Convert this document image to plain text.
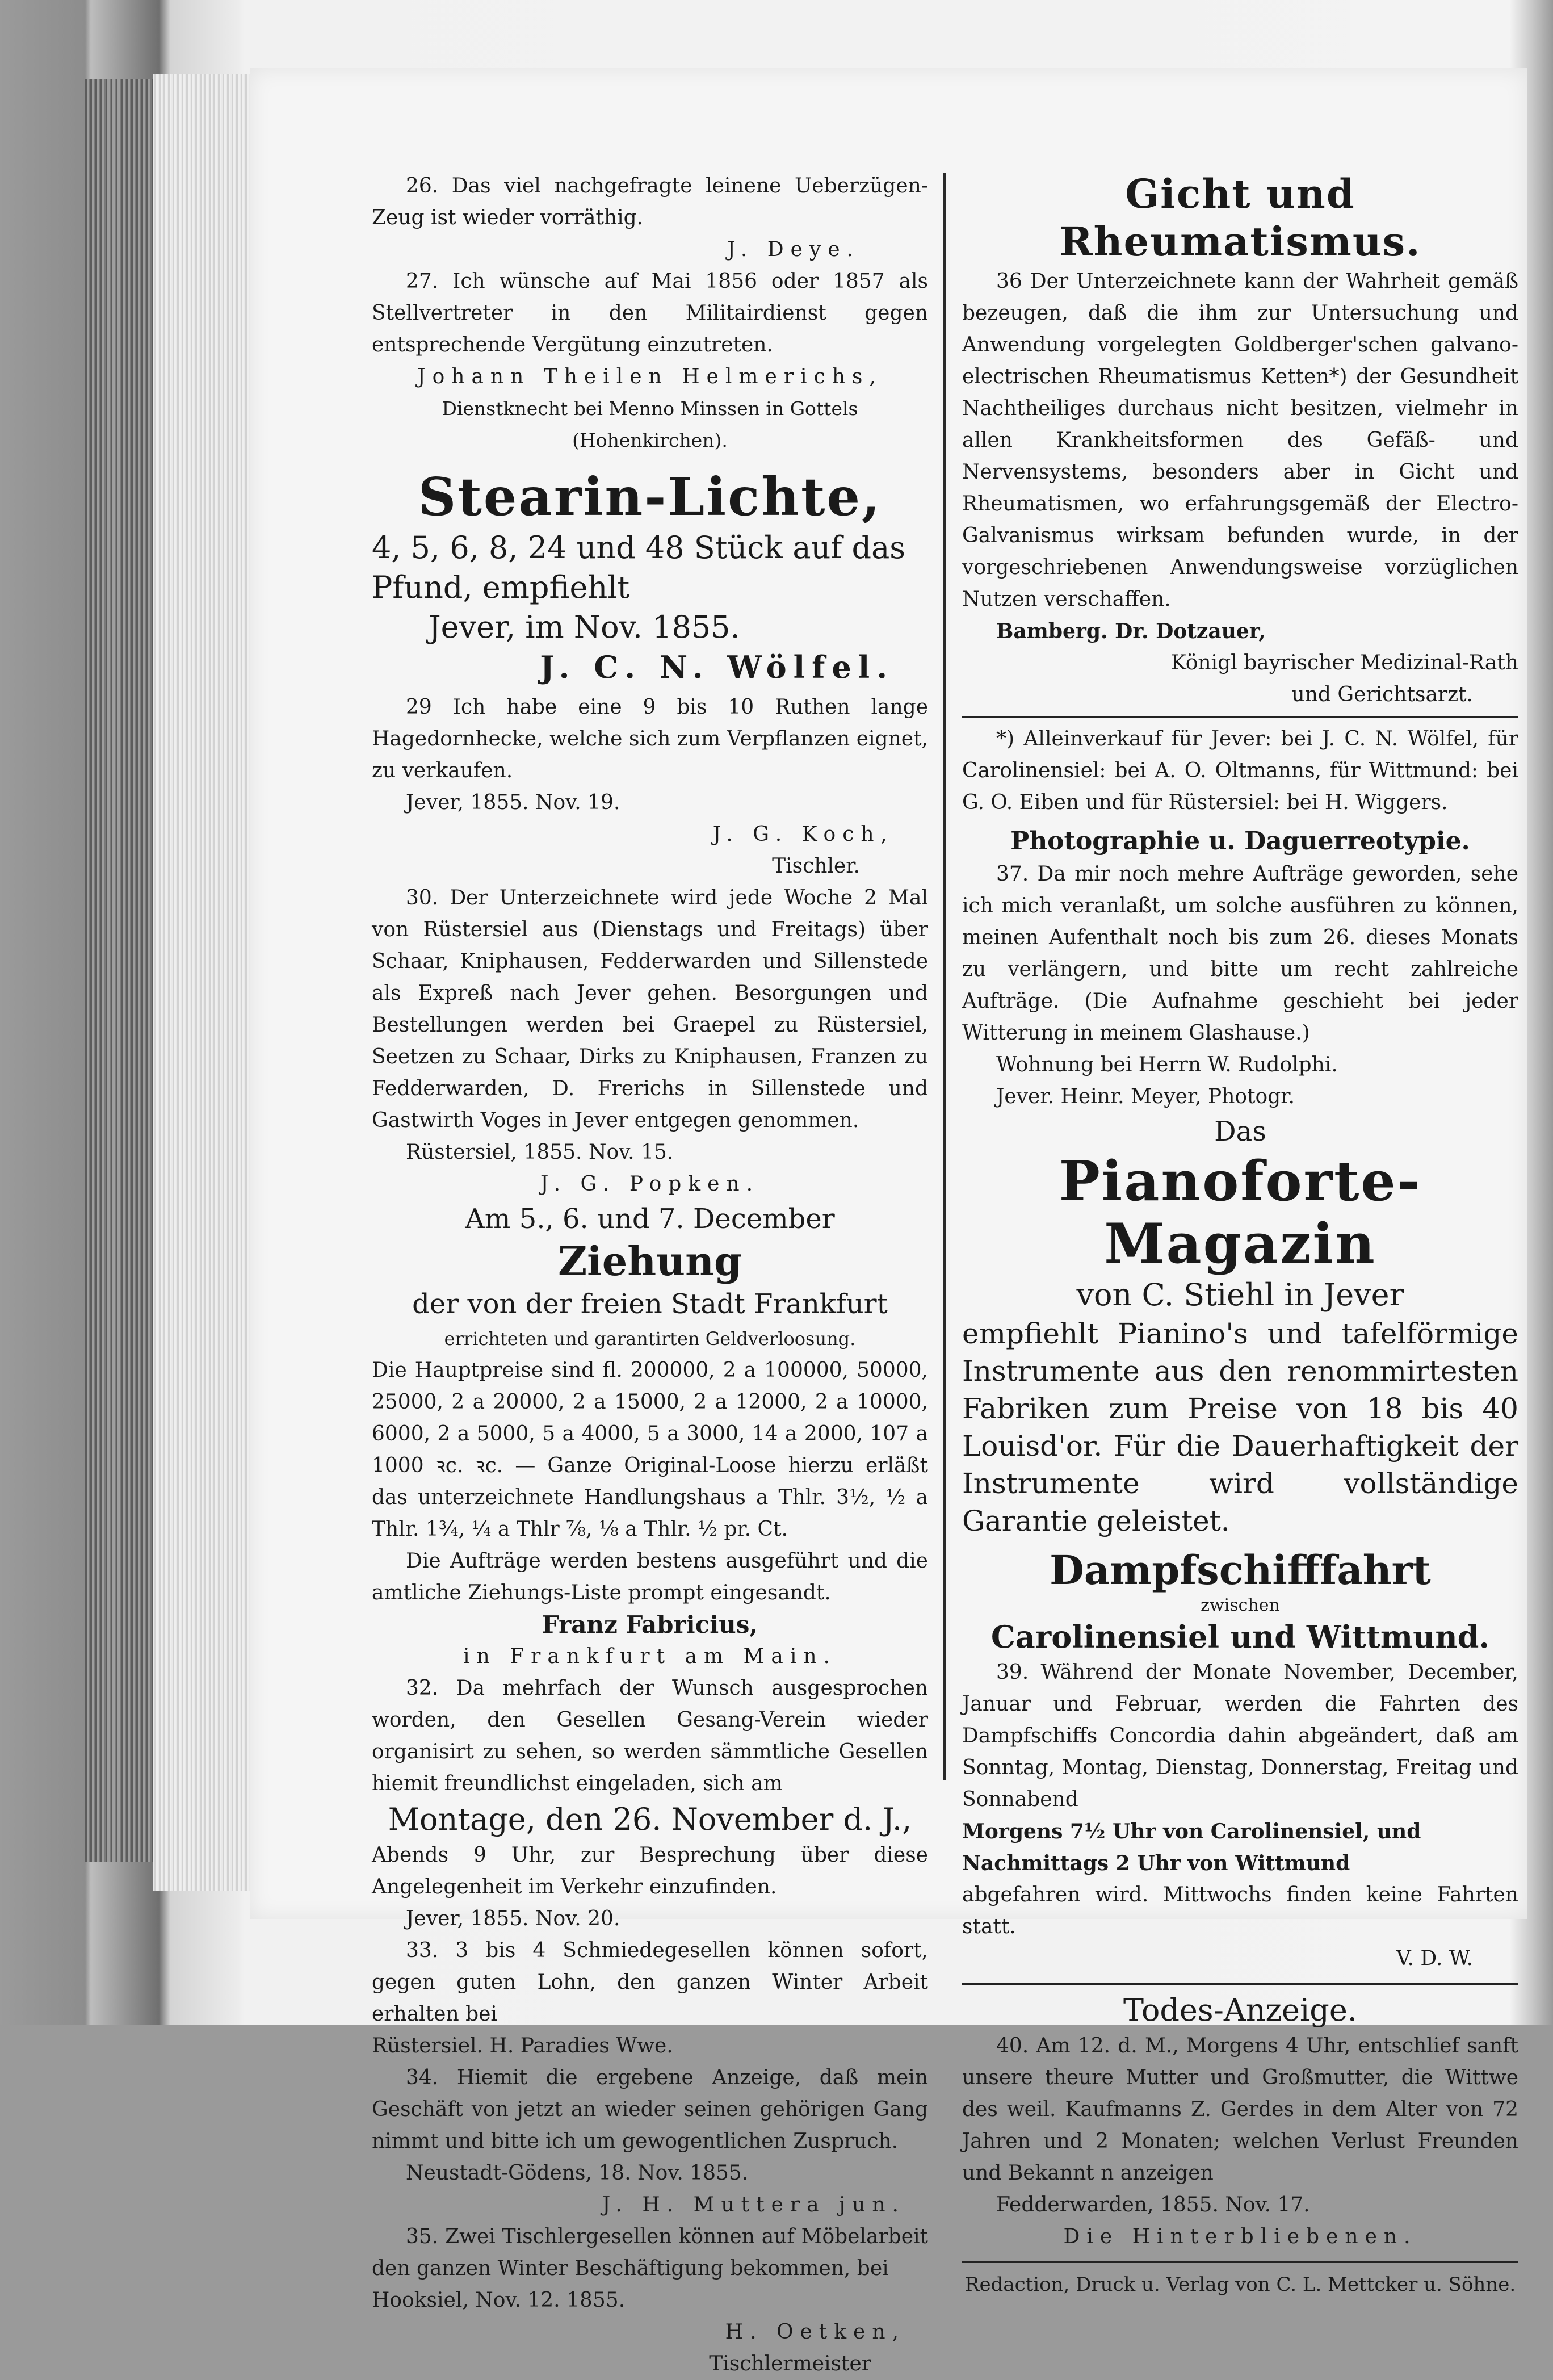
26. Das viel nachgefragte leinene Ueberzügen-Zeug ist wieder vorräthig.

J. Deye.

27. Ich wünsche auf Mai 1856 oder 1857 als Stellvertreter in den Militairdienst gegen entsprechende Vergütung einzutreten.

Johann Theilen Helmerichs,

Dienstknecht bei Menno Minssen in Gottels (Hohenkirchen).

Stearin-Lichte,

4, 5, 6, 8, 24 und 48 Stück auf das

Pfund, empfiehlt

Jever, im Nov. 1855.

J. C. N. Wölfel.

29 Ich habe eine 9 bis 10 Ruthen lange Hagedornhecke, welche sich zum Verpflanzen eignet, zu verkaufen.

Jever, 1855. Nov. 19.

J. G. Koch,

Tischler.

30. Der Unterzeichnete wird jede Woche 2 Mal von Rüstersiel aus (Dienstags und Freitags) über Schaar, Kniphausen, Fedderwarden und Sillenstede als Expreß nach Jever gehen. Besorgungen und Bestellungen werden bei Graepel zu Rüstersiel, Seetzen zu Schaar, Dirks zu Kniphausen, Franzen zu Fedderwarden, D. Frerichs in Sillenstede und Gastwirth Voges in Jever entgegen genommen.

Rüstersiel, 1855. Nov. 15.

J. G. Popken.

Am 5., 6. und 7. December

Ziehung

der von der freien Stadt Frankfurt

errichteten und garantirten Geldverloosung.

Die Hauptpreise sind fl. 200000, 2 a 100000, 50000, 25000, 2 a 20000, 2 a 15000, 2 a 12000, 2 a 10000, 6000, 2 a 5000, 5 a 4000, 5 a 3000, 14 a 2000, 107 a 1000 ꝛc. ꝛc. — Ganze Original-Loose hierzu erläßt das unterzeichnete Handlungshaus a Thlr. 3½, ½ a Thlr. 1¾, ¼ a Thlr ⅞, ⅛ a Thlr. ½ pr. Ct.

Die Aufträge werden bestens ausgeführt und die amtliche Ziehungs-Liste prompt eingesandt.

Franz Fabricius,

in Frankfurt am Main.

32. Da mehrfach der Wunsch ausgesprochen worden, den Gesellen Gesang-Verein wieder organisirt zu sehen, so werden sämmtliche Gesellen hiemit freundlichst eingeladen, sich am

Montage, den 26. November d. J.,

Abends 9 Uhr, zur Besprechung über diese Angelegenheit im Verkehr einzufinden.

Jever, 1855. Nov. 20.

33. 3 bis 4 Schmiedegesellen können sofort, gegen guten Lohn, den ganzen Winter Arbeit erhalten bei

Rüstersiel. H. Paradies Wwe.

34. Hiemit die ergebene Anzeige, daß mein Geschäft von jetzt an wieder seinen gehörigen Gang nimmt und bitte ich um gewogentlichen Zuspruch.

Neustadt-Gödens, 18. Nov. 1855.

J. H. Muttera jun.

35. Zwei Tischlergesellen können auf Möbelarbeit den ganzen Winter Beschäftigung bekommen, bei

Hooksiel, Nov. 12. 1855.

H. Oetken,

Tischlermeister

Gicht und Rheumatismus.

36 Der Unterzeichnete kann der Wahrheit gemäß bezeugen, daß die ihm zur Untersuchung und Anwendung vorgelegten Goldberger'schen galvano-electrischen Rheumatismus Ketten*) der Gesundheit Nachtheiliges durchaus nicht besitzen, vielmehr in allen Krankheitsformen des Gefäß- und Nervensystems, besonders aber in Gicht und Rheumatismen, wo erfahrungsgemäß der Electro-Galvanismus wirksam befunden wurde, in der vorgeschriebenen Anwendungsweise vorzüglichen Nutzen verschaffen.

Bamberg. Dr. Dotzauer,

Königl bayrischer Medizinal-Rath

und Gerichtsarzt.

*) Alleinverkauf für Jever: bei J. C. N. Wölfel, für Carolinensiel: bei A. O. Oltmanns, für Wittmund: bei G. O. Eiben und für Rüstersiel: bei H. Wiggers.

Photographie u. Daguerreotypie.

37. Da mir noch mehre Aufträge geworden, sehe ich mich veranlaßt, um solche ausführen zu können, meinen Aufenthalt noch bis zum 26. dieses Monats zu verlängern, und bitte um recht zahlreiche Aufträge. (Die Aufnahme geschieht bei jeder Witterung in meinem Glashause.)

Wohnung bei Herrn W. Rudolphi.

Jever. Heinr. Meyer, Photogr.

Das

Pianoforte-Magazin

von C. Stiehl in Jever

empfiehlt Pianino's und tafelförmige Instrumente aus den renommirtesten Fabriken zum Preise von 18 bis 40 Louisd'or. Für die Dauerhaftigkeit der Instrumente wird vollständige Garantie geleistet.

Dampfschifffahrt

zwischen

Carolinensiel und Wittmund.

39. Während der Monate November, December, Januar und Februar, werden die Fahrten des Dampfschiffs Concordia dahin abgeändert, daß am Sonntag, Montag, Dienstag, Donnerstag, Freitag und Sonnabend

Morgens 7½ Uhr von Carolinensiel, und

Nachmittags 2 Uhr von Wittmund

abgefahren wird. Mittwochs finden keine Fahrten statt.

V. D. W.

Todes-Anzeige.

40. Am 12. d. M., Morgens 4 Uhr, entschlief sanft unsere theure Mutter und Großmutter, die Wittwe des weil. Kaufmanns Z. Gerdes in dem Alter von 72 Jahren und 2 Monaten; welchen Verlust Freunden und Bekannt n anzeigen

Fedderwarden, 1855. Nov. 17.

Die Hinterbliebenen.

Redaction, Druck u. Verlag von C. L. Mettcker u. Söhne.
